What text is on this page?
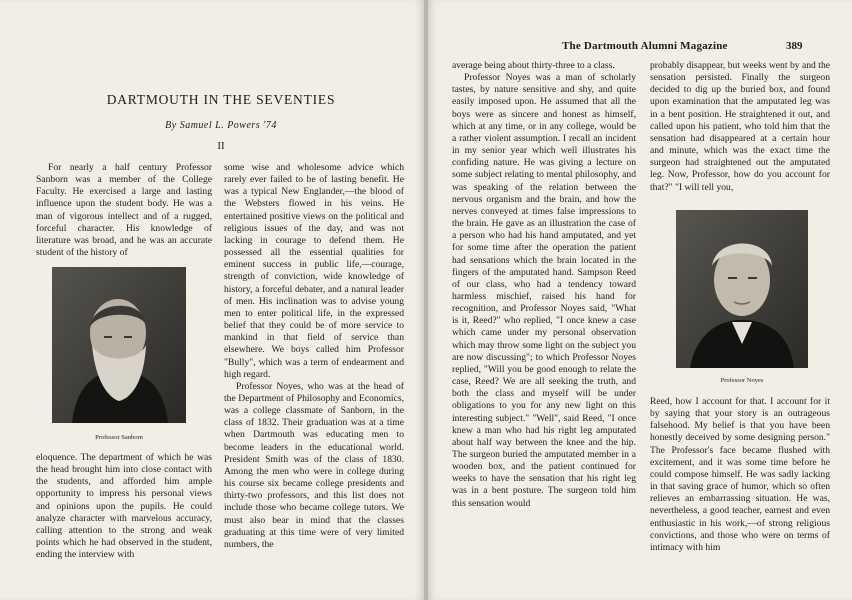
DARTMOUTH IN THE SEVENTIES
By Samuel L. Powers '74
II

For nearly a half century Professor Sanborn was a member of the College Faculty. He exercised a large and lasting influence upon the student body. He was a man of vigorous intellect and of a rugged, forceful character. His knowledge of literature was broad, and he was an accurate student of the history of

Professor Sanborn

eloquence. The department of which he was the head brought him into close contact with the students, and afforded him ample opportunity to impress his personal views and opinions upon the pupils. He could analyze character with marvelous accuracy, calling attention to the strong and weak points which he had observed in the student, ending the interview with

some wise and wholesome advice which rarely ever failed to be of lasting benefit. He was a typical New Englander,—the blood of the Websters flowed in his veins. He entertained positive views on the political and religious issues of the day, and was not lacking in courage to defend them. He possessed all the essential qualities for eminent success in public life,—courage, strength of conviction, wide knowledge of history, a forceful debater, and a natural leader of men. His inclination was to advise young men to enter political life, in the expressed belief that they could be of more service to mankind in that field of service than elsewhere. We boys called him Professor "Bully", which was a term of endearment and high regard.

Professor Noyes, who was at the head of the Department of Philosophy and Economics, was a college classmate of Sanborn, in the class of 1832. Their graduation was at a time when Dartmouth was educating men to become leaders in the educational world. President Smith was of the class of 1830. Among the men who were in college during his course six became college presidents and thirty-two professors, and this list does not include those who became college tutors. We must also bear in mind that the classes graduating at this time were of very limited numbers, the

The Dartmouth Alumni Magazine	389

average being about thirty-three to a class.

Professor Noyes was a man of scholarly tastes, by nature sensitive and shy, and quite easily imposed upon. He assumed that all the boys were as sincere and honest as himself, which at any time, or in any college, would be a rather violent assumption. I recall an incident in my senior year which well illustrates his confiding nature. He was giving a lecture on some subject relating to mental philosophy, and was speaking of the relation between the nervous organism and the brain, and how the nerves conveyed at times false impressions to the brain. He gave as an illustration the case of a person who had his hand amputated, and yet for some time after the operation the patient had sensations which the brain located in the fingers of the amputated hand. Sampson Reed of our class, who had a tendency toward harmless mischief, raised his hand for recognition, and Professor Noyes said, "What is it, Reed?" who replied, "I once knew a case which came under my personal observation which may throw some light on the subject you are now discussing"; to which Professor Noyes replied, "Will you be good enough to relate the case, Reed? We are all seeking the truth, and both the class and myself will be under obligations to you for any new light on this interesting subject." "Well", said Reed, "I once knew a man who had his right leg amputated about half way between the knee and the hip. The surgeon buried the amputated member in a wooden box, and the patient continued for weeks to have the sensation that his right leg was in a bent posture. The surgeon told him this sensation would

probably disappear, but weeks went by and the sensation persisted. Finally the surgeon decided to dig up the buried box, and found upon examination that the amputated leg was in a bent position. He straightened it out, and called upon his patient, who told him that the sensation had disappeared at a certain hour and minute, which was the exact time the surgeon had straightened out the amputated leg. Now, Professor, how do you account for that?" "I will tell you,

Professor Noyes

Reed, how I account for that. I account for it by saying that your story is an outrageous falsehood. My belief is that you have been honestly deceived by some designing person." The Professor's face became flushed with excitement, and it was some time before he could compose himself. He was sadly lacking in that saving grace of humor, which so often relieves an embarrassing situation. He was, nevertheless, a good teacher, earnest and even enthusiastic in his work,—of strong religious convictions, and those who were on terms of intimacy with him
